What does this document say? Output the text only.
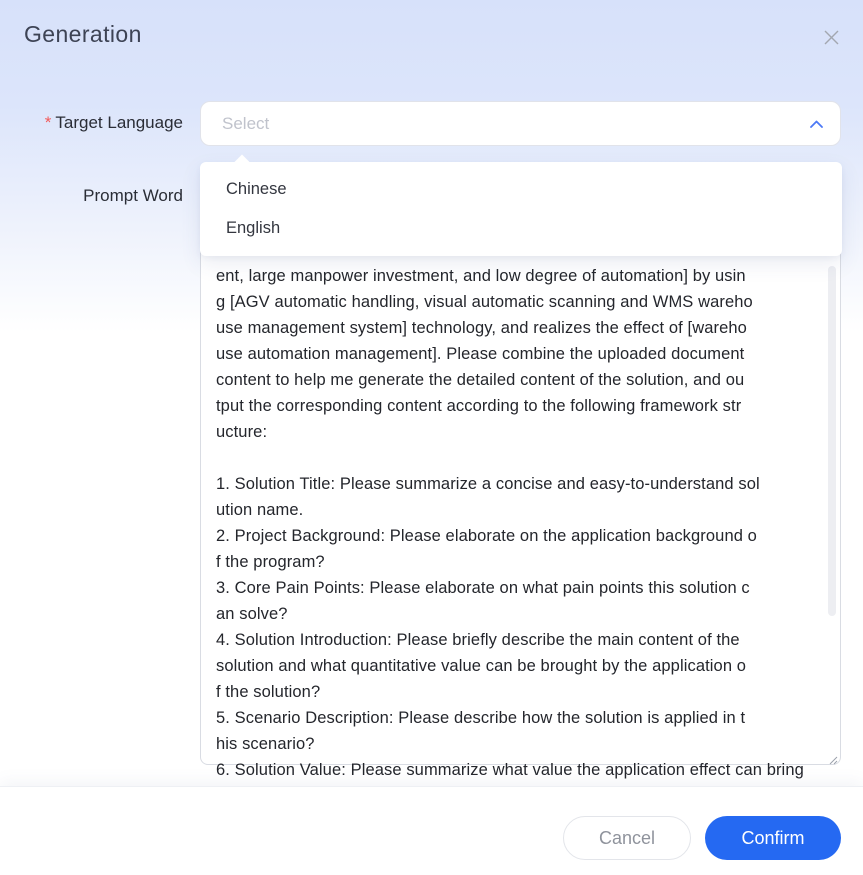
Generation
* Target Language Select
Prompt Word
ent, large manpower investment, and low degree of automation] by usin
g [AGV automatic handling, visual automatic scanning and WMS wareho
use management system] technology, and realizes the effect of [wareho
use automation management]. Please combine the uploaded document
content to help me generate the detailed content of the solution, and ou
tput the corresponding content according to the following framework str
ucture:
1. Solution Title: Please summarize a concise and easy-to-understand sol
ution name.
2. Project Background: Please elaborate on the application background o
f the program?
3. Core Pain Points: Please elaborate on what pain points this solution c
an solve?
4. Solution Introduction: Please briefly describe the main content of the
solution and what quantitative value can be brought by the application o
f the solution?
5. Scenario Description: Please describe how the solution is applied in t
his scenario?
6. Solution Value: Please summarize what value the application effect can bring
Chinese
English
Cancel	Confirm
